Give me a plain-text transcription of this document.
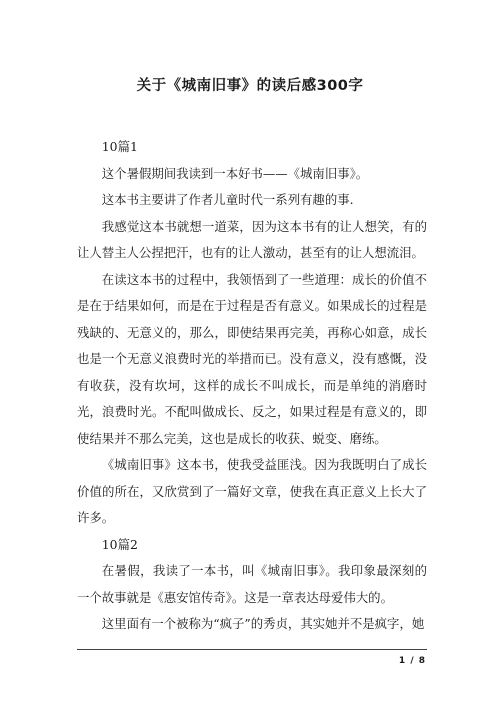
关于《城南旧事》的读后感300字

10篇1

这个暑假期间我读到一本好书——《城南旧事》。

这本书主要讲了作者儿童时代一系列有趣的事.

我感觉这本书就想一道菜，因为这本书有的让人想笑，有的让人替主人公捏把汗，也有的让人激动，甚至有的让人想流泪。

在读这本书的过程中，我领悟到了一些道理：成长的价值不是在于结果如何，而是在于过程是否有意义。如果成长的过程是残缺的、无意义的，那么，即使结果再完美，再称心如意，成长也是一个无意义浪费时光的举措而已。没有意义，没有感慨，没有收获，没有坎坷，这样的成长不叫成长，而是单纯的消磨时光，浪费时光。不配叫做成长、反之，如果过程是有意义的，即使结果并不那么完美，这也是成长的收获、蜕变、磨练。

《城南旧事》这本书，使我受益匪浅。因为我既明白了成长价值的所在，又欣赏到了一篇好文章，使我在真正意义上长大了许多。

10篇2

在暑假，我读了一本书，叫《城南旧事》。我印象最深刻的一个故事就是《惠安馆传奇》。这是一章表达母爱伟大的。

这里面有一个被称为“疯子”的秀贞，其实她并不是疯字，她

1 / 8
